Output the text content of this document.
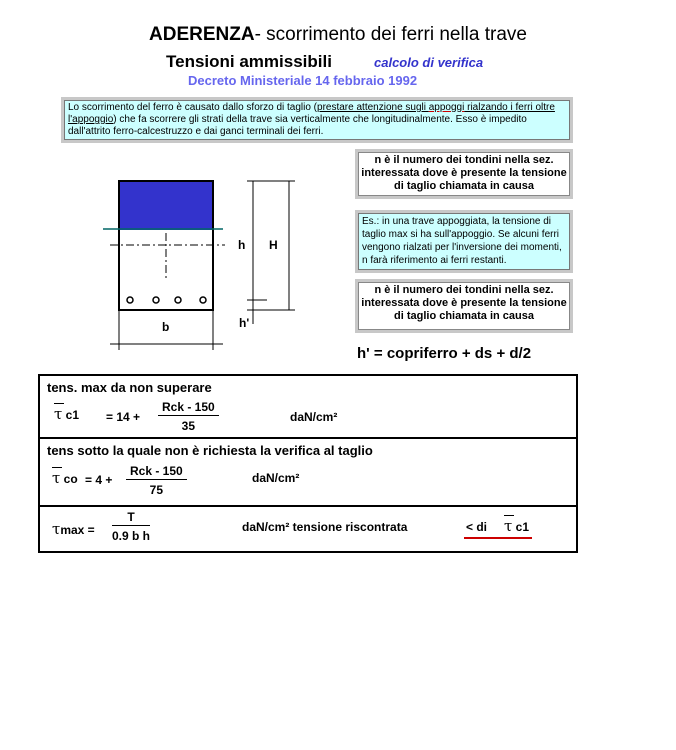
ADERENZA- scorrimento dei ferri nella trave
Tensioni ammissibili	calcolo di verifica
Decreto Ministeriale 14 febbraio 1992
Lo scorrimento del ferro è causato dallo sforzo di taglio (prestare attenzione sugli appoggi rialzando i ferri oltre l'appoggio) che fa scorrere gli strati della trave sia verticalmente che longitudinalmente. Esso è impedito dall'attrito ferro-calcestruzzo e dai ganci terminali dei ferri.
n è il numero dei tondini nella sez. interessata dove è presente la tensione di taglio chiamata in causa
Es.: in una trave appoggiata, la tensione di taglio max si ha sull'appoggio. Se alcuni ferri vengono rialzati per l'inversione dei momenti, n farà riferimento ai ferri restanti.
n è il numero dei tondini nella sez. interessata dove è presente la tensione di taglio chiamata in causa
h H
h'
b
h' = copriferro + ds + d/2
tens. max da non superare
τ c1 = 14 +
Rck - 150
35
daN/cm²
tens sotto la quale non è richiesta la verifica al taglio
τ co = 4 +
Rck - 150
75
daN/cm²
$\tau\max = \frac{T}{\text{0.9 b h}}$	daN/cm² tensione riscontrata	< di τ c1
